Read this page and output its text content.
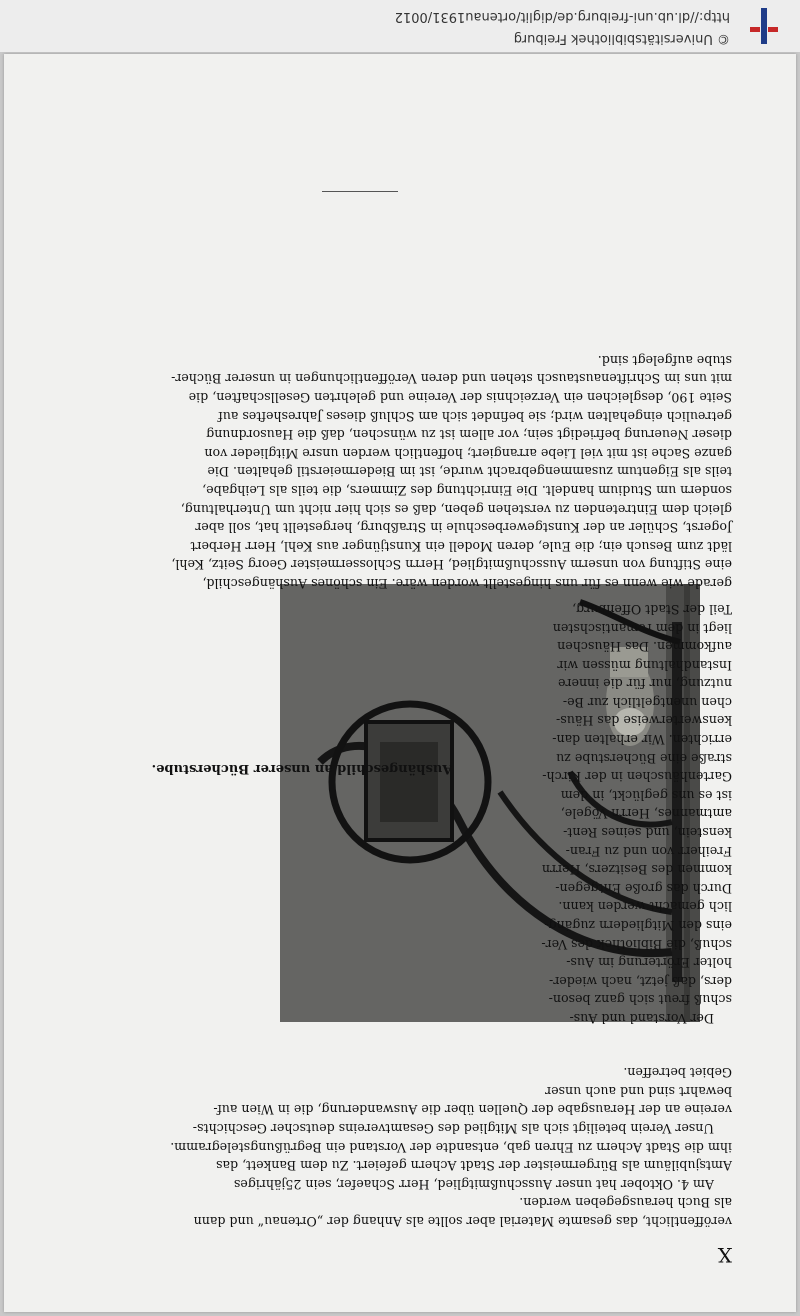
X

veröffentlicht, das gesamte Material aber sollte als Anhang der „Ortenau“ und dann

als Buch herausgegeben werden.

Am 4. Oktober hat unser Ausschußmitglied, Herr Schaefer, sein 25jähriges

Amtsjubiläum als Bürgermeister der Stadt Achern gefeiert. Zu dem Bankett, das

ihm die Stadt Achern zu Ehren gab, entsandte der Vorstand ein Begrüßungstelegramm.

Unser Verein beteiligt sich als Mitglied des Gesamtvereins deutscher Geschichts-

vereine an der Herausgabe der Quellen über die Auswanderung, die in Wien auf-

bewahrt sind und auch unser

Gebiet betreffen.

Der Vorstand und Aus-

schuß freut sich ganz beson-

ders, daß jetzt, nach wieder-

holter Erörterung im Aus-

schuß, die Bibliothek des Ver-

eins den Mitgliedern zugäng-

lich gemacht werden kann.

Durch das große Entgegen-

kommen des Besitzers, Herrn

Freiherr von und zu Fran-

kenstein, und seines Rent-

amtmannes, Herrn Vögele,

ist es uns geglückt, in dem

Gartenhäuschen in der Kirch-

straße eine Bücherstube zu

errichten. Wir erhalten dan-

kenswerterweise das Häus-

chen unentgeltlich zur Be-

nutzung, nur für die innere

Instandhaltung müssen wir

aufkommen. Das Häuschen

liegt in dem romantischsten

Teil der Stadt Offenburg,

Aushängeschild an unserer Bücherstube.

gerade wie wenn es für uns hingestellt worden wäre. Ein schönes Aushängeschild,

eine Stiftung von unserm Ausschußmitglied, Herrn Schlossermeister Georg Seitz, Kehl,

lädt zum Besuch ein; die Eule, deren Modell ein Kunstjünger aus Kehl, Herr Herbert

Jogerst, Schüler an der Kunstgewerbeschule in Straßburg, hergestellt hat, soll aber

gleich dem Eintretenden zu verstehen geben, daß es sich hier nicht um Unterhaltung,

sondern um Studium handelt. Die Einrichtung des Zimmers, die teils als Leihgabe,

teils als Eigentum zusammengebracht wurde, ist im Biedermeierstil gehalten. Die

ganze Sache ist mit viel Liebe arrangiert; hoffentlich werden unsre Mitglieder von

dieser Neuerung befriedigt sein; vor allem ist zu wünschen, daß die Hausordnung

getreulich eingehalten wird; sie befindet sich am Schluß dieses Jahresheftes auf

Seite 190, desgleichen ein Verzeichnis der Vereine und gelehrten Gesellschaften, die

mit uns im Schriftenaustausch stehen und deren Veröffentlichungen in unserer Bücher-

stube aufgelegt sind.

© Universitätsbibliothek Freiburg
http://dl.ub.uni-freiburg.de/diglit/ortenau1931/0012
